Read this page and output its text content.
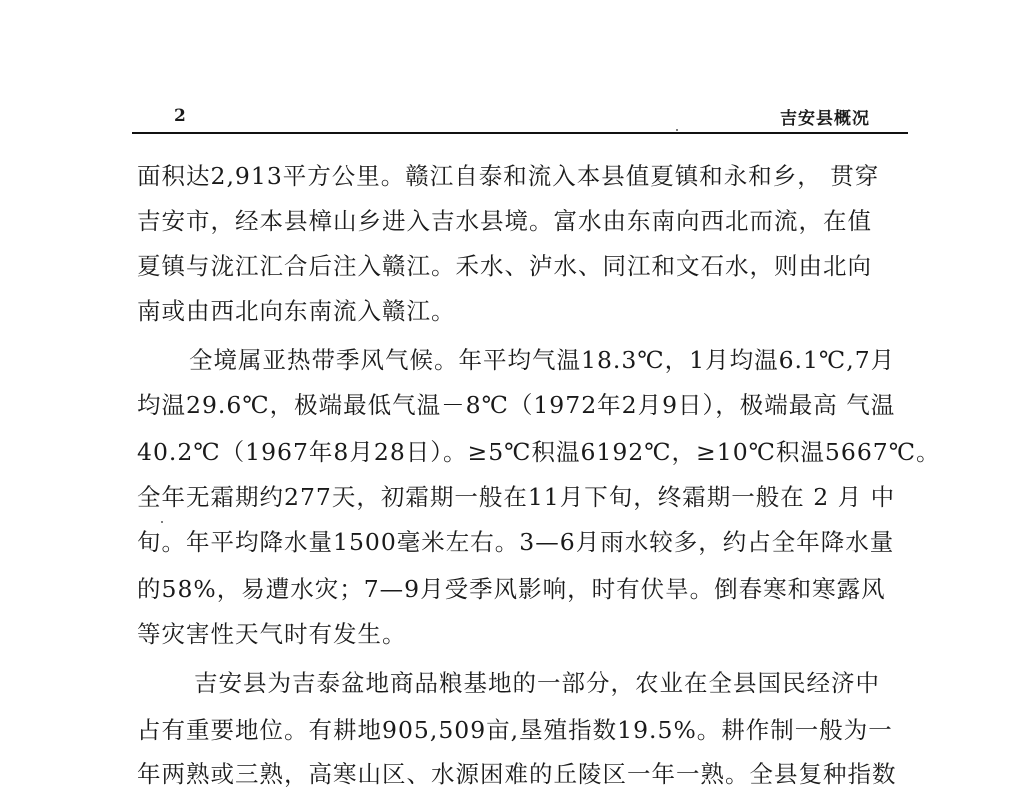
2	吉安县概况
面积达2,913平方公里。赣江自泰和流入本县值夏镇和永和乡， 贯穿
吉安市，经本县樟山乡进入吉水县境。富水由东南向西北而流，在值
夏镇与泷江汇合后注入赣江。禾水、泸水、同江和文石水，则由北向
南或由西北向东南流入赣江。
全境属亚热带季风气候。年平均气温18.3℃，1月均温6.1℃,7月
均温29.6℃，极端最低气温－8℃（1972年2月9日），极端最高 气温
40.2℃（1967年8月28日）。≥5℃积温6192℃，≥10℃积温5667℃。
全年无霜期约277天，初霜期一般在11月下旬，终霜期一般在 2 月 中
旬。年平均降水量1500毫米左右。3—6月雨水较多，约占全年降水量
的58%，易遭水灾；7—9月受季风影响，时有伏旱。倒春寒和寒露风
等灾害性天气时有发生。
吉安县为吉泰盆地商品粮基地的一部分，农业在全县国民经济中
占有重要地位。有耕地905,509亩,垦殖指数19.5%。耕作制一般为一
年两熟或三熟，高寒山区、水源困难的丘陵区一年一熟。全县复种指数
